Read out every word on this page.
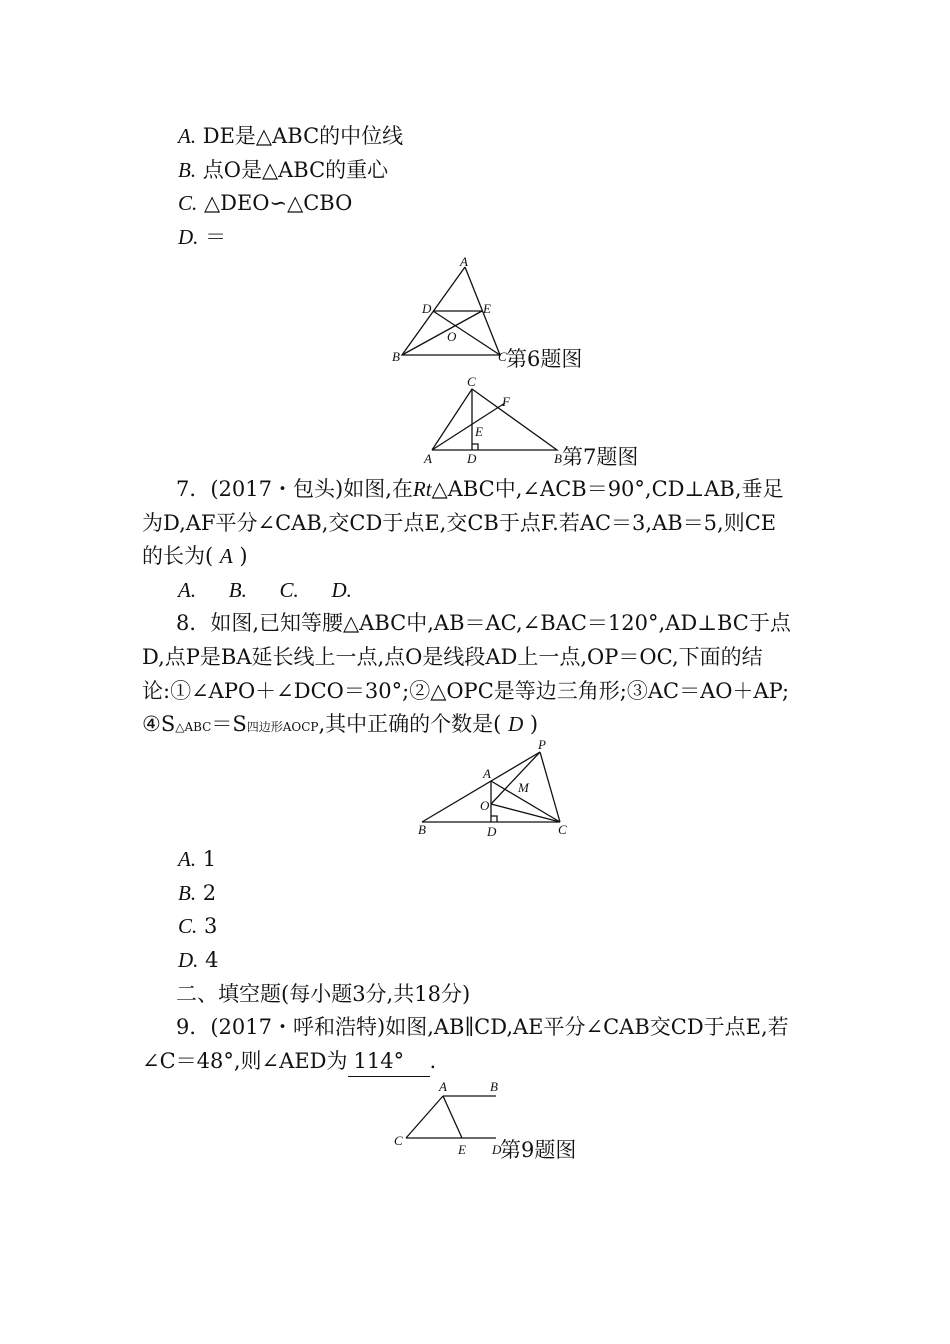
A. DE是△ABC的中位线
B. 点O是△ABC的重心
C. △DEO∽△CBO
D. ＝
A
D	E
O
B	C 第6题图
C
F
E
A	D	B 第7题图
7．(2017・包头)如图,在Rt△ABC中,∠ACB＝90°,CD⊥AB,垂足
为D,AF平分∠CAB,交CD于点E,交CB于点F.若AC＝3,AB＝5,则CE
的长为( A )
A. B. C. D.
8．如图,已知等腰△ABC中,AB＝AC,∠BAC＝120°,AD⊥BC于点
D,点P是BA延长线上一点,点O是线段AD上一点,OP＝OC,下面的结
论:①∠APO＋∠DCO＝30°;②△OPC是等边三角形;③AC＝AO＋AP;
④S△ABC＝S四边形AOCP,其中正确的个数是( D )
P
A
M
O
B	D	C
A. 1
B. 2
C. 3
D. 4
二、填空题(每小题3分,共18分)
9．(2017・呼和浩特)如图,AB∥CD,AE平分∠CAB交CD于点E,若
∠C＝48°,则∠AED为 114° .
A	B
C
E D
第9题图
